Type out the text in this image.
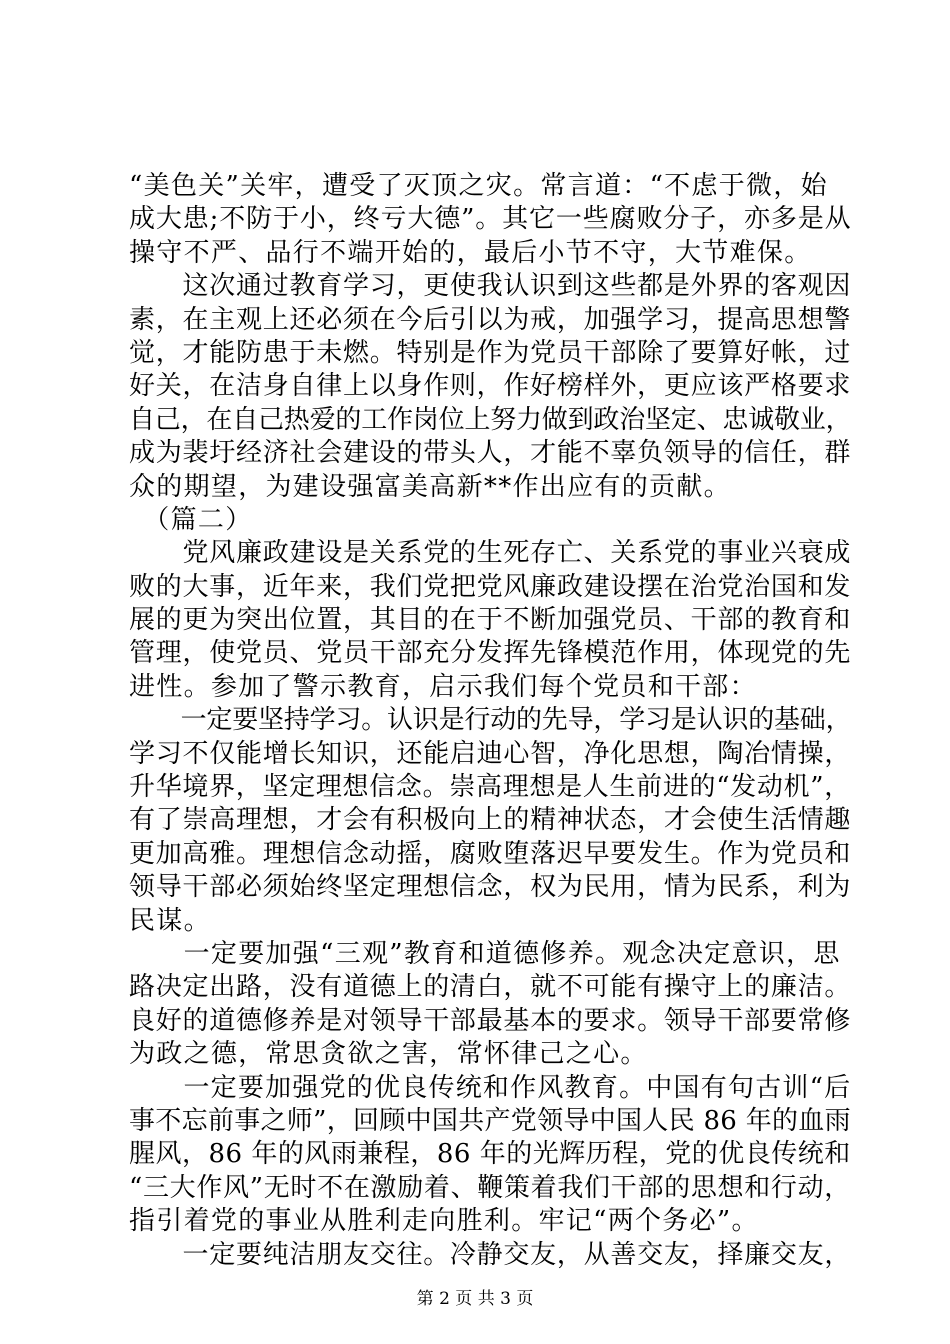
“美色关”关牢，遭受了灭顶之灾。常言道：“不虑于微，始
成大患;不防于小，终亏大德”。其它一些腐败分子，亦多是从
操守不严、品行不端开始的，最后小节不守，大节难保。
　　这次通过教育学习，更使我认识到这些都是外界的客观因
素，在主观上还必须在今后引以为戒，加强学习，提高思想警
觉，才能防患于未燃。特别是作为党员干部除了要算好帐，过
好关，在洁身自律上以身作则，作好榜样外，更应该严格要求
自己，在自己热爱的工作岗位上努力做到政治坚定、忠诚敬业，
成为裴圩经济社会建设的带头人，才能不辜负领导的信任，群
众的期望，为建设强富美高新**作出应有的贡献。
　（篇二）
　　党风廉政建设是关系党的生死存亡、关系党的事业兴衰成
败的大事，近年来，我们党把党风廉政建设摆在治党治国和发
展的更为突出位置，其目的在于不断加强党员、干部的教育和
管理，使党员、党员干部充分发挥先锋模范作用，体现党的先
进性。参加了警示教育，启示我们每个党员和干部：
　　一定要坚持学习。认识是行动的先导，学习是认识的基础，
学习不仅能增长知识，还能启迪心智，净化思想，陶冶情操，
升华境界，坚定理想信念。崇高理想是人生前进的“发动机”，
有了崇高理想，才会有积极向上的精神状态，才会使生活情趣
更加高雅。理想信念动摇，腐败堕落迟早要发生。作为党员和
领导干部必须始终坚定理想信念，权为民用，情为民系，利为
民谋。
　　一定要加强“三观”教育和道德修养。观念决定意识，思
路决定出路，没有道德上的清白，就不可能有操守上的廉洁。
良好的道德修养是对领导干部最基本的要求。领导干部要常修
为政之德，常思贪欲之害，常怀律己之心。
　　一定要加强党的优良传统和作风教育。中国有句古训“后
事不忘前事之师”，回顾中国共产党领导中国人民 86 年的血雨
腥风，86 年的风雨兼程，86 年的光辉历程，党的优良传统和
“三大作风”无时不在激励着、鞭策着我们干部的思想和行动，
指引着党的事业从胜利走向胜利。牢记“两个务必”。
　　一定要纯洁朋友交往。冷静交友，从善交友，择廉交友，
第 2 页 共 3 页
